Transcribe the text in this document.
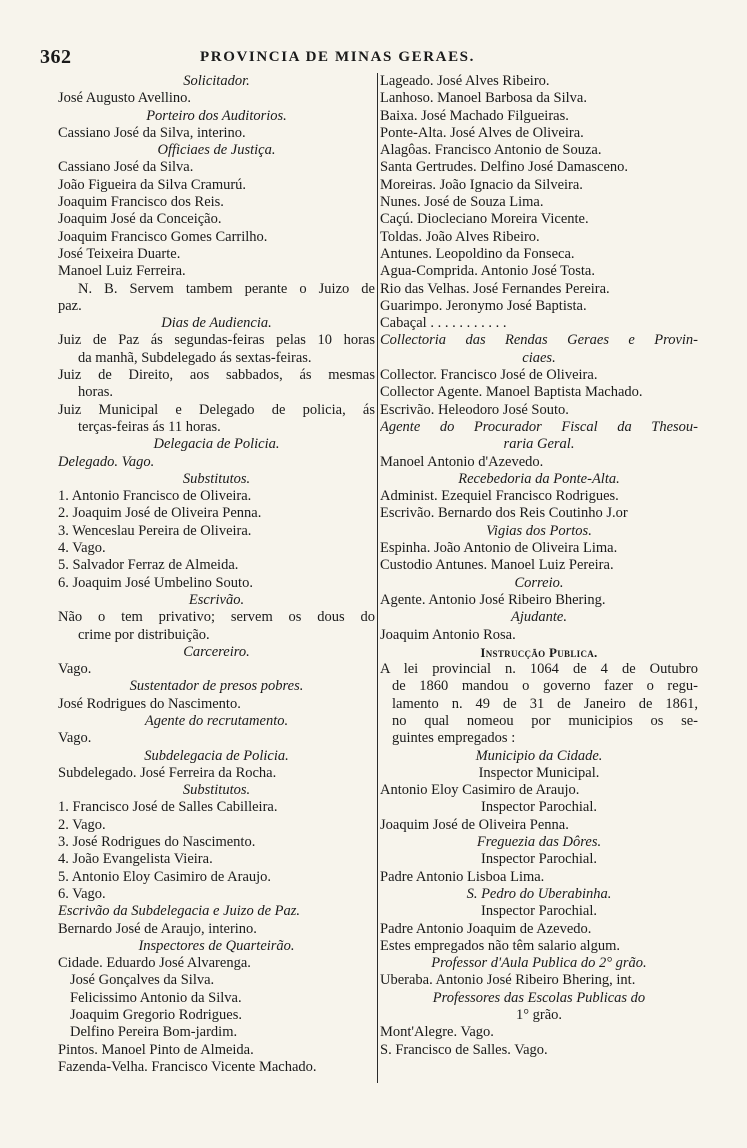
362	PROVINCIA DE MINAS GERAES.
Solicitador.
José Augusto Avellino.
Porteiro dos Auditorios.
Cassiano José da Silva, interino.
Officiaes de Justiça.
Cassiano José da Silva.
João Figueira da Silva Cramurú.
Joaquim Francisco dos Reis.
Joaquim José da Conceição.
Joaquim Francisco Gomes Carrilho.
José Teixeira Duarte.
Manoel Luiz Ferreira.
N. B. Servem tambem perante o Juizo de
paz.
Dias de Audiencia.
Juiz de Paz ás segundas-feiras pelas 10 horas
da manhã, Subdelegado ás sextas-feiras.
Juiz de Direito, aos sabbados, ás mesmas
horas.
Juiz Municipal e Delegado de policia, ás
terças-feiras ás 11 horas.
Delegacia de Policia.
Delegado. Vago.
Substitutos.
1. Antonio Francisco de Oliveira.
2. Joaquim José de Oliveira Penna.
3. Wenceslau Pereira de Oliveira.
4. Vago.
5. Salvador Ferraz de Almeida.
6. Joaquim José Umbelino Souto.
Escrivão.
Não o tem privativo; servem os dous do
crime por distribuição.
Carcereiro.
Vago.
Sustentador de presos pobres.
José Rodrigues do Nascimento.
Agente do recrutamento.
Vago.
Subdelegacia de Policia.
Subdelegado. José Ferreira da Rocha.
Substitutos.
1. Francisco José de Salles Cabilleira.
2. Vago.
3. José Rodrigues do Nascimento.
4. João Evangelista Vieira.
5. Antonio Eloy Casimiro de Araujo.
6. Vago.
Escrivão da Subdelegacia e Juizo de Paz.
Bernardo José de Araujo, interino.
Inspectores de Quarteirão.
Cidade. Eduardo José Alvarenga.
José Gonçalves da Silva.
Felicissimo Antonio da Silva.
Joaquim Gregorio Rodrigues.
Delfino Pereira Bom-jardim.
Pintos. Manoel Pinto de Almeida.
Fazenda-Velha. Francisco Vicente Machado.
Lageado. José Alves Ribeiro.
Lanhoso. Manoel Barbosa da Silva.
Baixa. José Machado Filgueiras.
Ponte-Alta. José Alves de Oliveira.
Alagôas. Francisco Antonio de Souza.
Santa Gertrudes. Delfino José Damasceno.
Moreiras. João Ignacio da Silveira.
Nunes. José de Souza Lima.
Caçú. Diocleciano Moreira Vicente.
Toldas. João Alves Ribeiro.
Antunes. Leopoldino da Fonseca.
Agua-Comprida. Antonio José Tosta.
Rio das Velhas. José Fernandes Pereira.
Guarimpo. Jeronymo José Baptista.
Cabaçal . . . . . . . . . . .
Collectoria das Rendas Geraes e Provin-
ciaes.
Collector. Francisco José de Oliveira.
Collector Agente. Manoel Baptista Machado.
Escrivão. Heleodoro José Souto.
Agente do Procurador Fiscal da Thesou-
raria Geral.
Manoel Antonio d'Azevedo.
Recebedoria da Ponte-Alta.
Administ. Ezequiel Francisco Rodrigues.
Escrivão. Bernardo dos Reis Coutinho J.or
Vigias dos Portos.
Espinha. João Antonio de Oliveira Lima.
Custodio Antunes. Manoel Luiz Pereira.
Correio.
Agente. Antonio José Ribeiro Bhering.
Ajudante.
Joaquim Antonio Rosa.
Instrucção Publica.
A lei provincial n. 1064 de 4 de Outubro
de 1860 mandou o governo fazer o regu-
lamento n. 49 de 31 de Janeiro de 1861,
no qual nomeou por municipios os se-
guintes empregados :
Municipio da Cidade.
Inspector Municipal.
Antonio Eloy Casimiro de Araujo.
Inspector Parochial.
Joaquim José de Oliveira Penna.
Freguezia das Dôres.
Inspector Parochial.
Padre Antonio Lisboa Lima.
S. Pedro do Uberabinha.
Inspector Parochial.
Padre Antonio Joaquim de Azevedo.
Estes empregados não têm salario algum.
Professor d'Aula Publica do 2° grão.
Uberaba. Antonio José Ribeiro Bhering, int.
Professores das Escolas Publicas do
1° grão.
Mont'Alegre. Vago.
S. Francisco de Salles. Vago.
